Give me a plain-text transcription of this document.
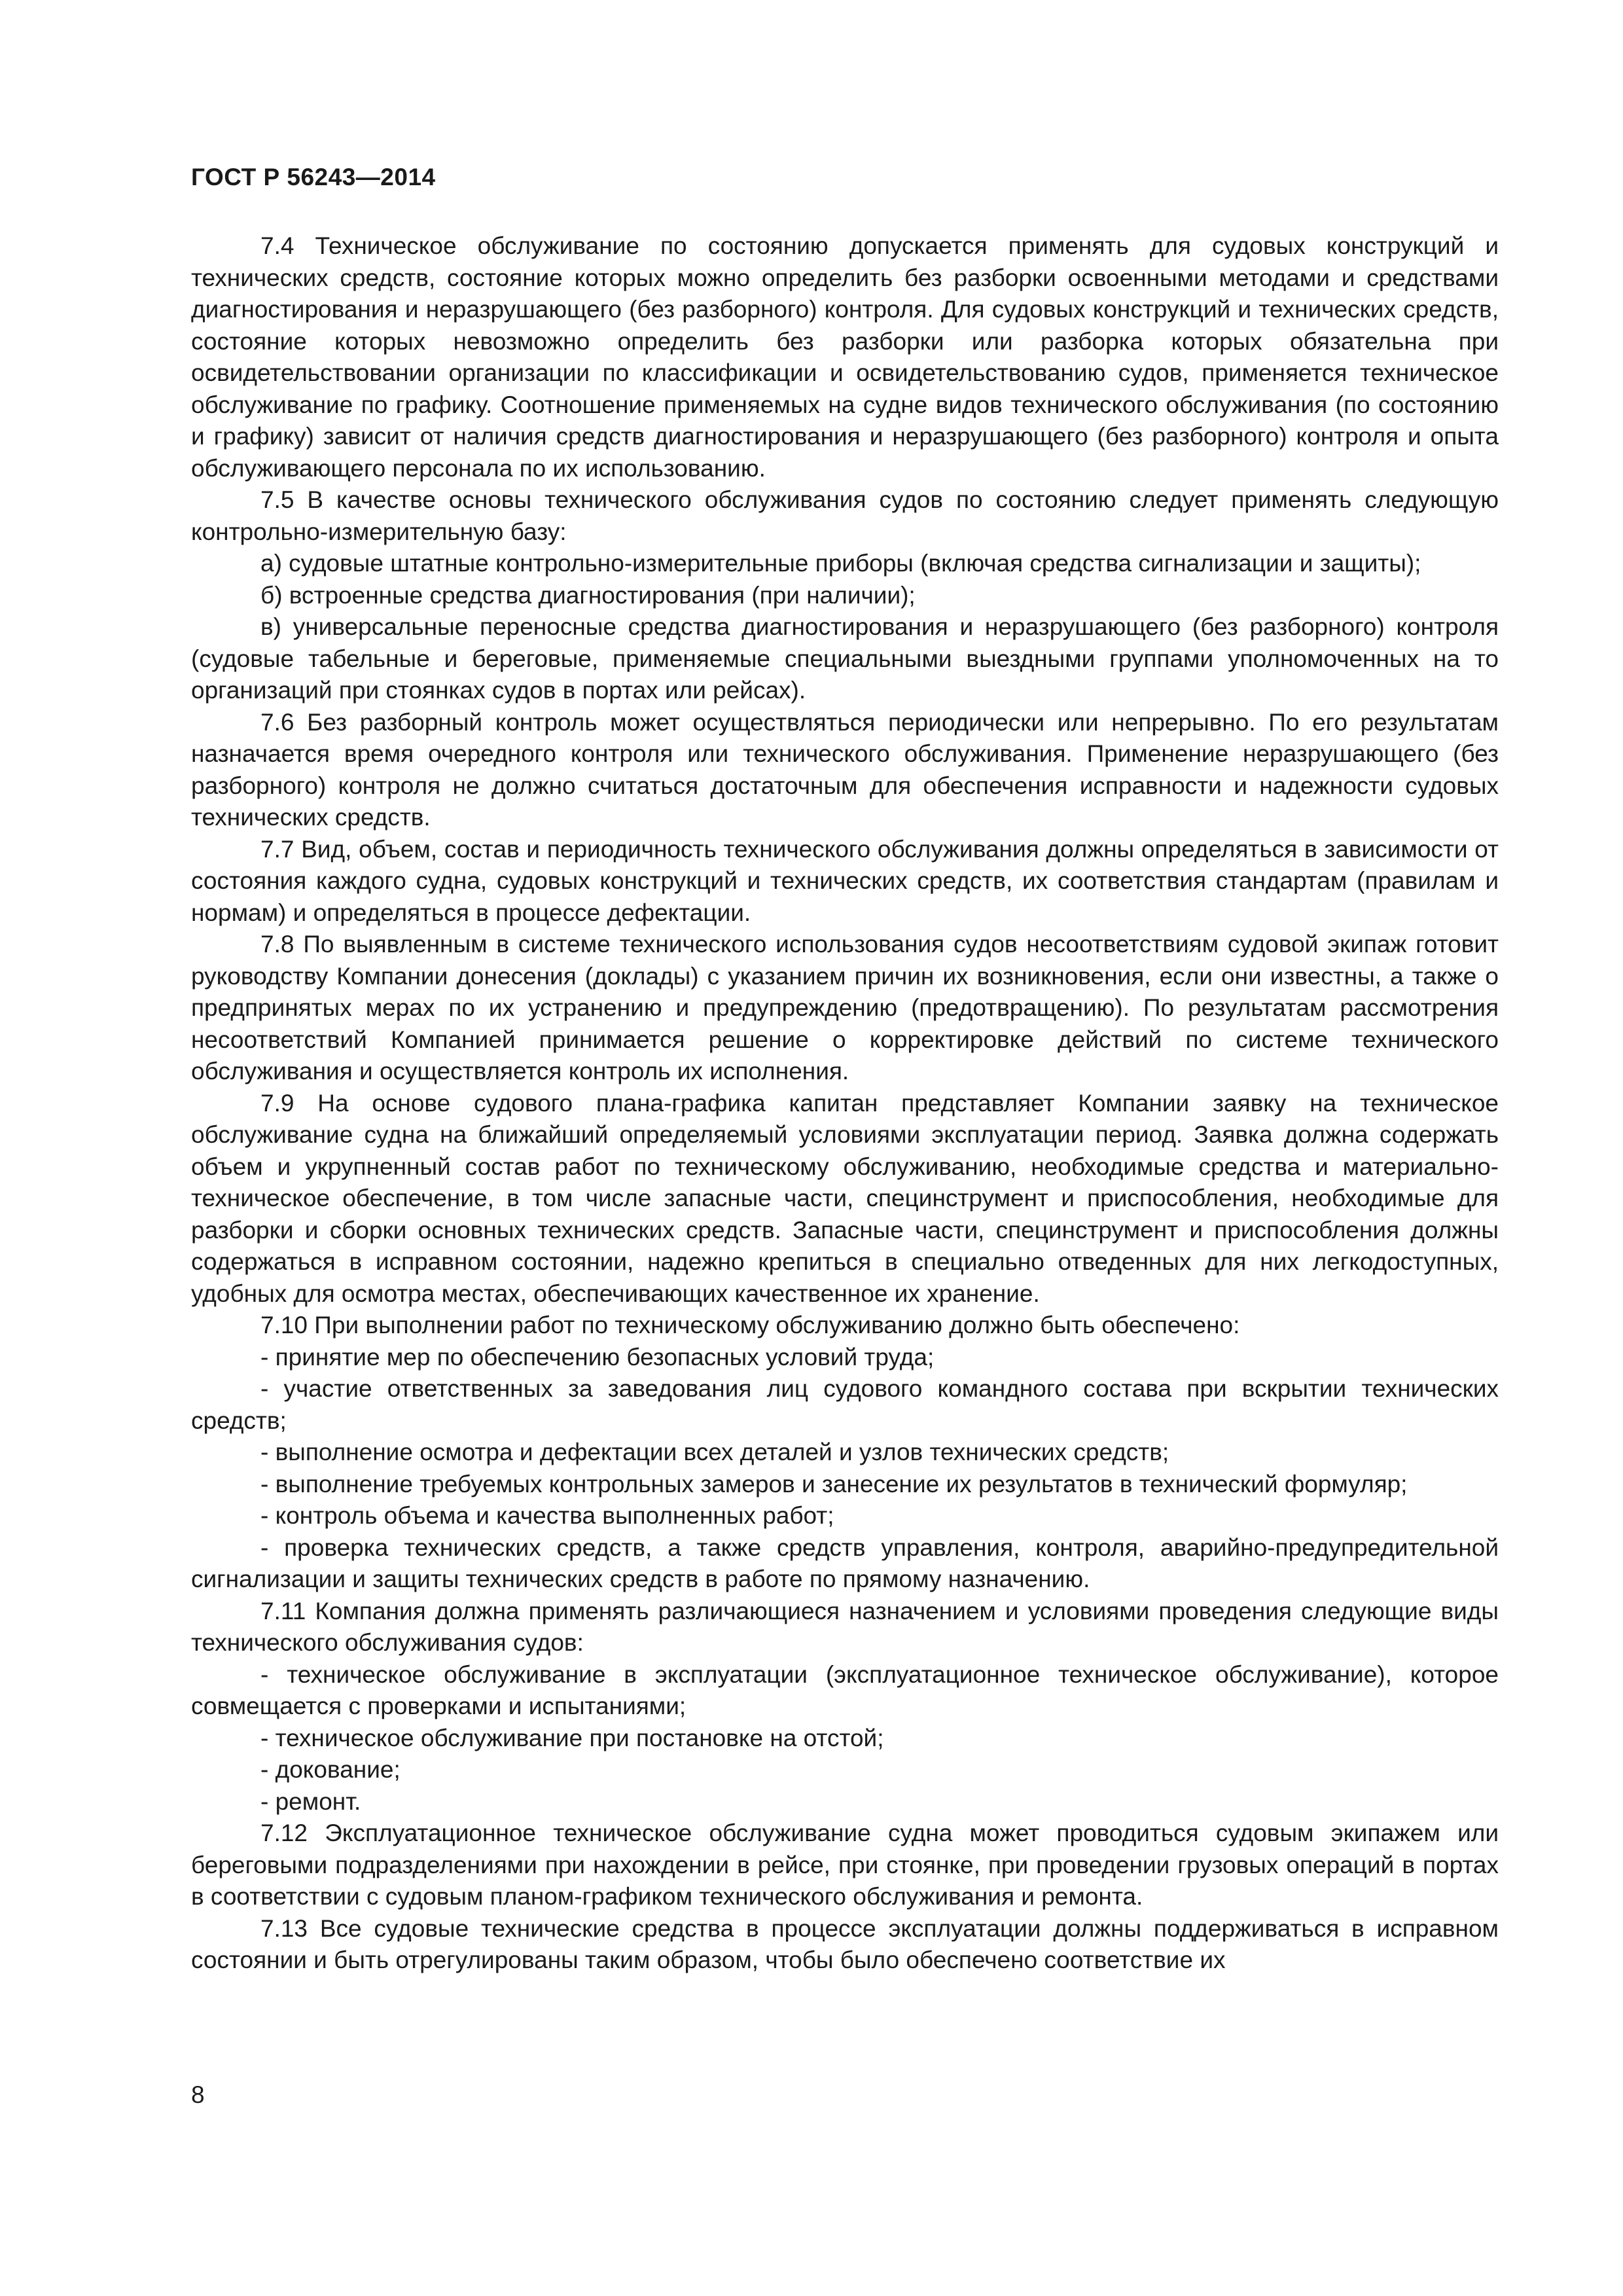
ГОСТ Р 56243—2014

7.4 Техническое обслуживание по состоянию допускается применять для судовых конструкций и технических средств, состояние которых можно определить без разборки освоенными методами и средствами диагностирования и неразрушающего (без разборного) контроля. Для судовых конструкций и технических средств, состояние которых невозможно определить без разборки или разборка которых обязательна при освидетельствовании организации по классификации и освидетельствованию судов, применяется техническое обслуживание по графику. Соотношение применяемых на судне видов технического обслуживания (по состоянию и графику) зависит от наличия средств диагностирования и неразрушающего (без разборного) контроля и опыта обслуживающего персонала по их использованию.

7.5 В качестве основы технического обслуживания судов по состоянию следует применять следующую контрольно-измерительную базу:

а) судовые штатные контрольно-измерительные приборы (включая средства сигнализации и защиты);

б) встроенные средства диагностирования (при наличии);

в) универсальные переносные средства диагностирования и неразрушающего (без разборного) контроля (судовые табельные и береговые, применяемые специальными выездными группами уполномоченных на то организаций при стоянках судов в портах или рейсах).

7.6 Без разборный контроль может осуществляться периодически или непрерывно. По его результатам назначается время очередного контроля или технического обслуживания. Применение неразрушающего (без разборного) контроля не должно считаться достаточным для обеспечения исправности и надежности судовых технических средств.

7.7 Вид, объем, состав и периодичность технического обслуживания должны определяться в зависимости от состояния каждого судна, судовых конструкций и технических средств, их соответствия стандартам (правилам и нормам) и определяться в процессе дефектации.

7.8 По выявленным в системе технического использования судов несоответствиям судовой экипаж готовит руководству Компании донесения (доклады) с указанием причин их возникновения, если они известны, а также о предпринятых мерах по их устранению и предупреждению (предотвращению). По результатам рассмотрения несоответствий Компанией принимается решение о корректировке действий по системе технического обслуживания и осуществляется контроль их исполнения.

7.9 На основе судового плана-графика капитан представляет Компании заявку на техническое обслуживание судна на ближайший определяемый условиями эксплуатации период. Заявка должна содержать объем и укрупненный состав работ по техническому обслуживанию, необходимые средства и материально-техническое обеспечение, в том числе запасные части, специнструмент и приспособления, необходимые для разборки и сборки основных технических средств. Запасные части, специнструмент и приспособления должны содержаться в исправном состоянии, надежно крепиться в специально отведенных для них легкодоступных, удобных для осмотра местах, обеспечивающих качественное их хранение.

7.10 При выполнении работ по техническому обслуживанию должно быть обеспечено:

- принятие мер по обеспечению безопасных условий труда;

- участие ответственных за заведования лиц судового командного состава при вскрытии технических средств;

- выполнение осмотра и дефектации всех деталей и узлов технических средств;

- выполнение требуемых контрольных замеров и занесение их результатов в технический формуляр;

- контроль объема и качества выполненных работ;

- проверка технических средств, а также средств управления, контроля, аварийно-предупредительной сигнализации и защиты технических средств в работе по прямому назначению.

7.11 Компания должна применять различающиеся назначением и условиями проведения следующие виды технического обслуживания судов:

- техническое обслуживание в эксплуатации (эксплуатационное техническое обслуживание), которое совмещается с проверками и испытаниями;

- техническое обслуживание при постановке на отстой;

- докование;

- ремонт.

7.12 Эксплуатационное техническое обслуживание судна может проводиться судовым экипажем или береговыми подразделениями при нахождении в рейсе, при стоянке, при проведении грузовых операций в портах в соответствии с судовым планом-графиком технического обслуживания и ремонта.

7.13 Все судовые технические средства в процессе эксплуатации должны поддерживаться в исправном состоянии и быть отрегулированы таким образом, чтобы было обеспечено соответствие их

8
